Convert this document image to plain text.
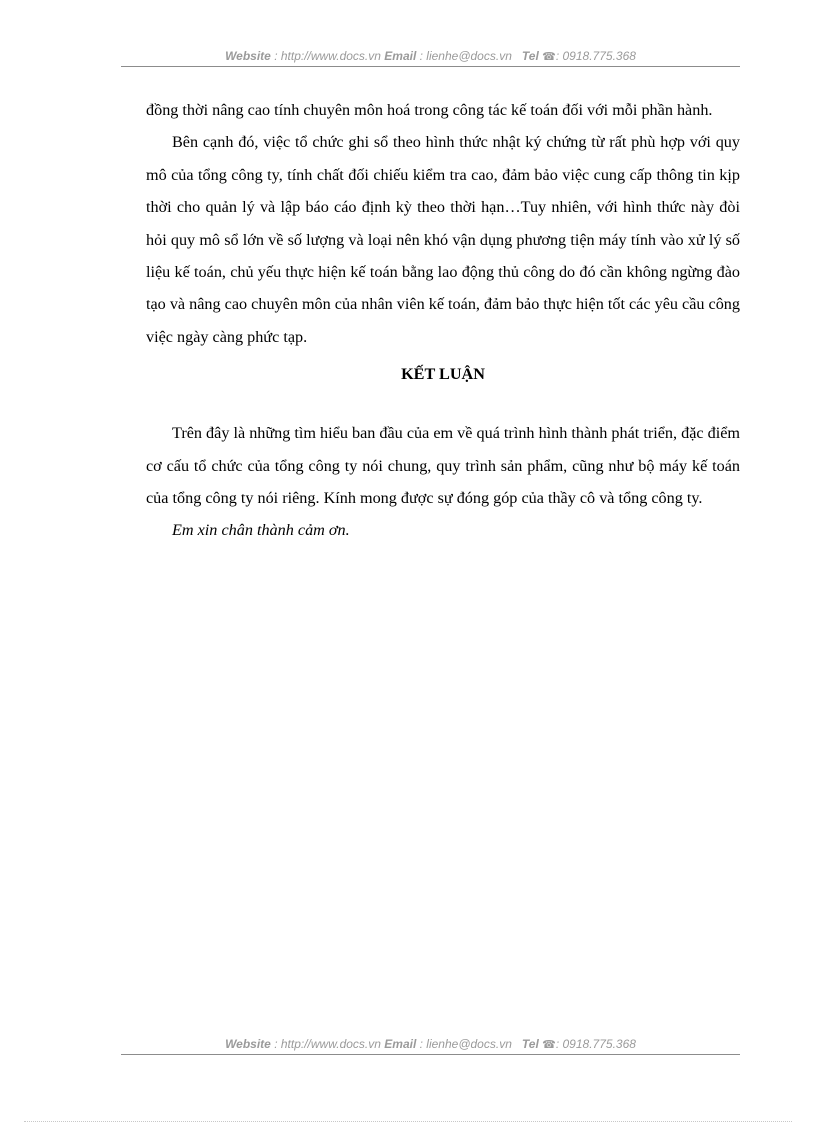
Website : http://www.docs.vn Email : lienhe@docs.vn Tel ☎: 0918.775.368

đồng thời nâng cao tính chuyên môn hoá trong công tác kế toán đối với mỗi phần hành.

Bên cạnh đó, việc tổ chức ghi sổ theo hình thức nhật ký chứng từ rất phù hợp với quy mô của tổng công ty, tính chất đối chiếu kiểm tra cao, đảm bảo việc cung cấp thông tin kịp thời cho quản lý và lập báo cáo định kỳ theo thời hạn…Tuy nhiên, với hình thức này đòi hỏi quy mô sổ lớn về số lượng và loại nên khó vận dụng phương tiện máy tính vào xử lý số liệu kế toán, chủ yếu thực hiện kế toán bằng lao động thủ công do đó cần không ngừng đào tạo và nâng cao chuyên môn của nhân viên kế toán, đảm bảo thực hiện tốt các yêu cầu công việc ngày càng phức tạp.

KẾT LUẬN

Trên đây là những tìm hiểu ban đầu của em về quá trình hình thành phát triển, đặc điểm cơ cấu tổ chức của tổng công ty nói chung, quy trình sản phẩm, cũng như bộ máy kế toán của tổng công ty nói riêng. Kính mong được sự đóng góp của thầy cô và tổng công ty.

Em xin chân thành cảm ơn.

Website : http://www.docs.vn Email : lienhe@docs.vn Tel ☎: 0918.775.368
